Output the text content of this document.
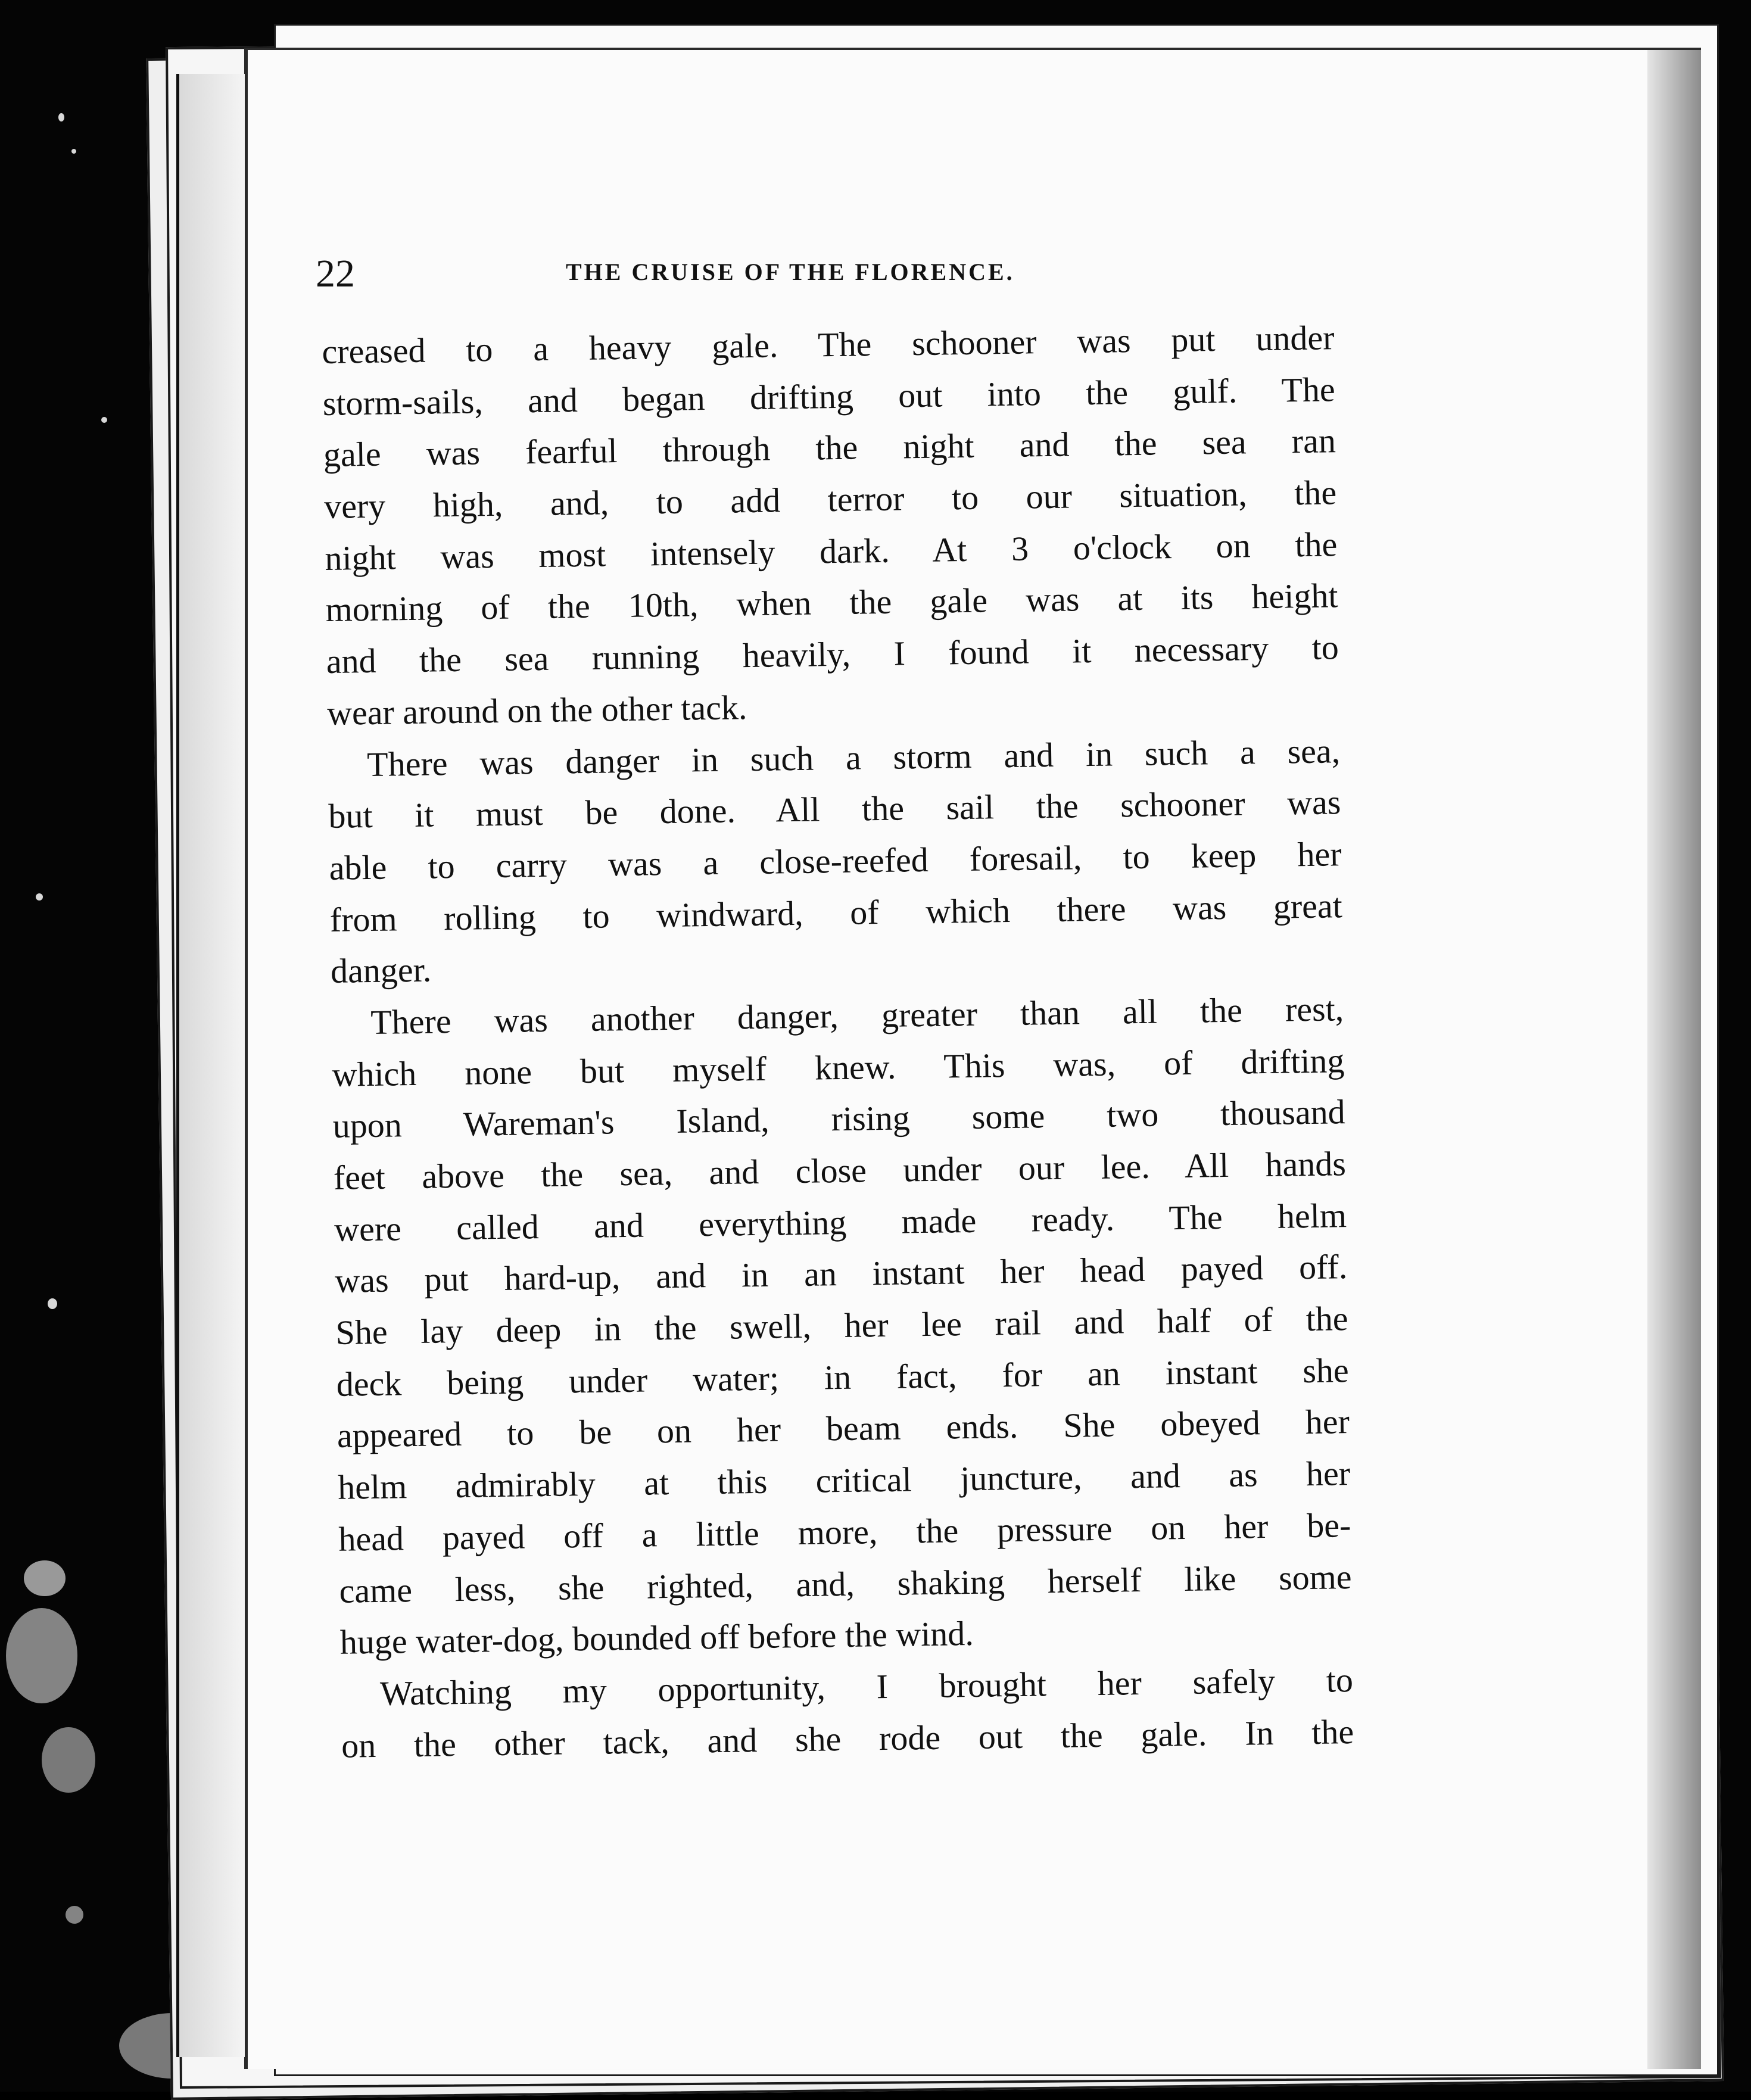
22	THE CRUISE OF THE FLORENCE.
creased to a heavy gale. The schooner was put under
storm-sails, and began drifting out into the gulf. The
gale was fearful through the night and the sea ran
very high, and, to add terror to our situation, the
night was most intensely dark. At 3 o'clock on the
morning of the 10th, when the gale was at its height
and the sea running heavily, I found it necessary to
wear around on the other tack.
There was danger in such a storm and in such a sea,
but it must be done. All the sail the schooner was
able to carry was a close-reefed foresail, to keep her
from rolling to windward, of which there was great
danger.
There was another danger, greater than all the rest,
which none but myself knew. This was, of drifting
upon Wareman's Island, rising some two thousand
feet above the sea, and close under our lee. All hands
were called and everything made ready. The helm
was put hard-up, and in an instant her head payed off.
She lay deep in the swell, her lee rail and half of the
deck being under water; in fact, for an instant she
appeared to be on her beam ends. She obeyed her
helm admirably at this critical juncture, and as her
head payed off a little more, the pressure on her be-
came less, she righted, and, shaking herself like some
huge water-dog, bounded off before the wind.
Watching my opportunity, I brought her safely to
on the other tack, and she rode out the gale. In the
